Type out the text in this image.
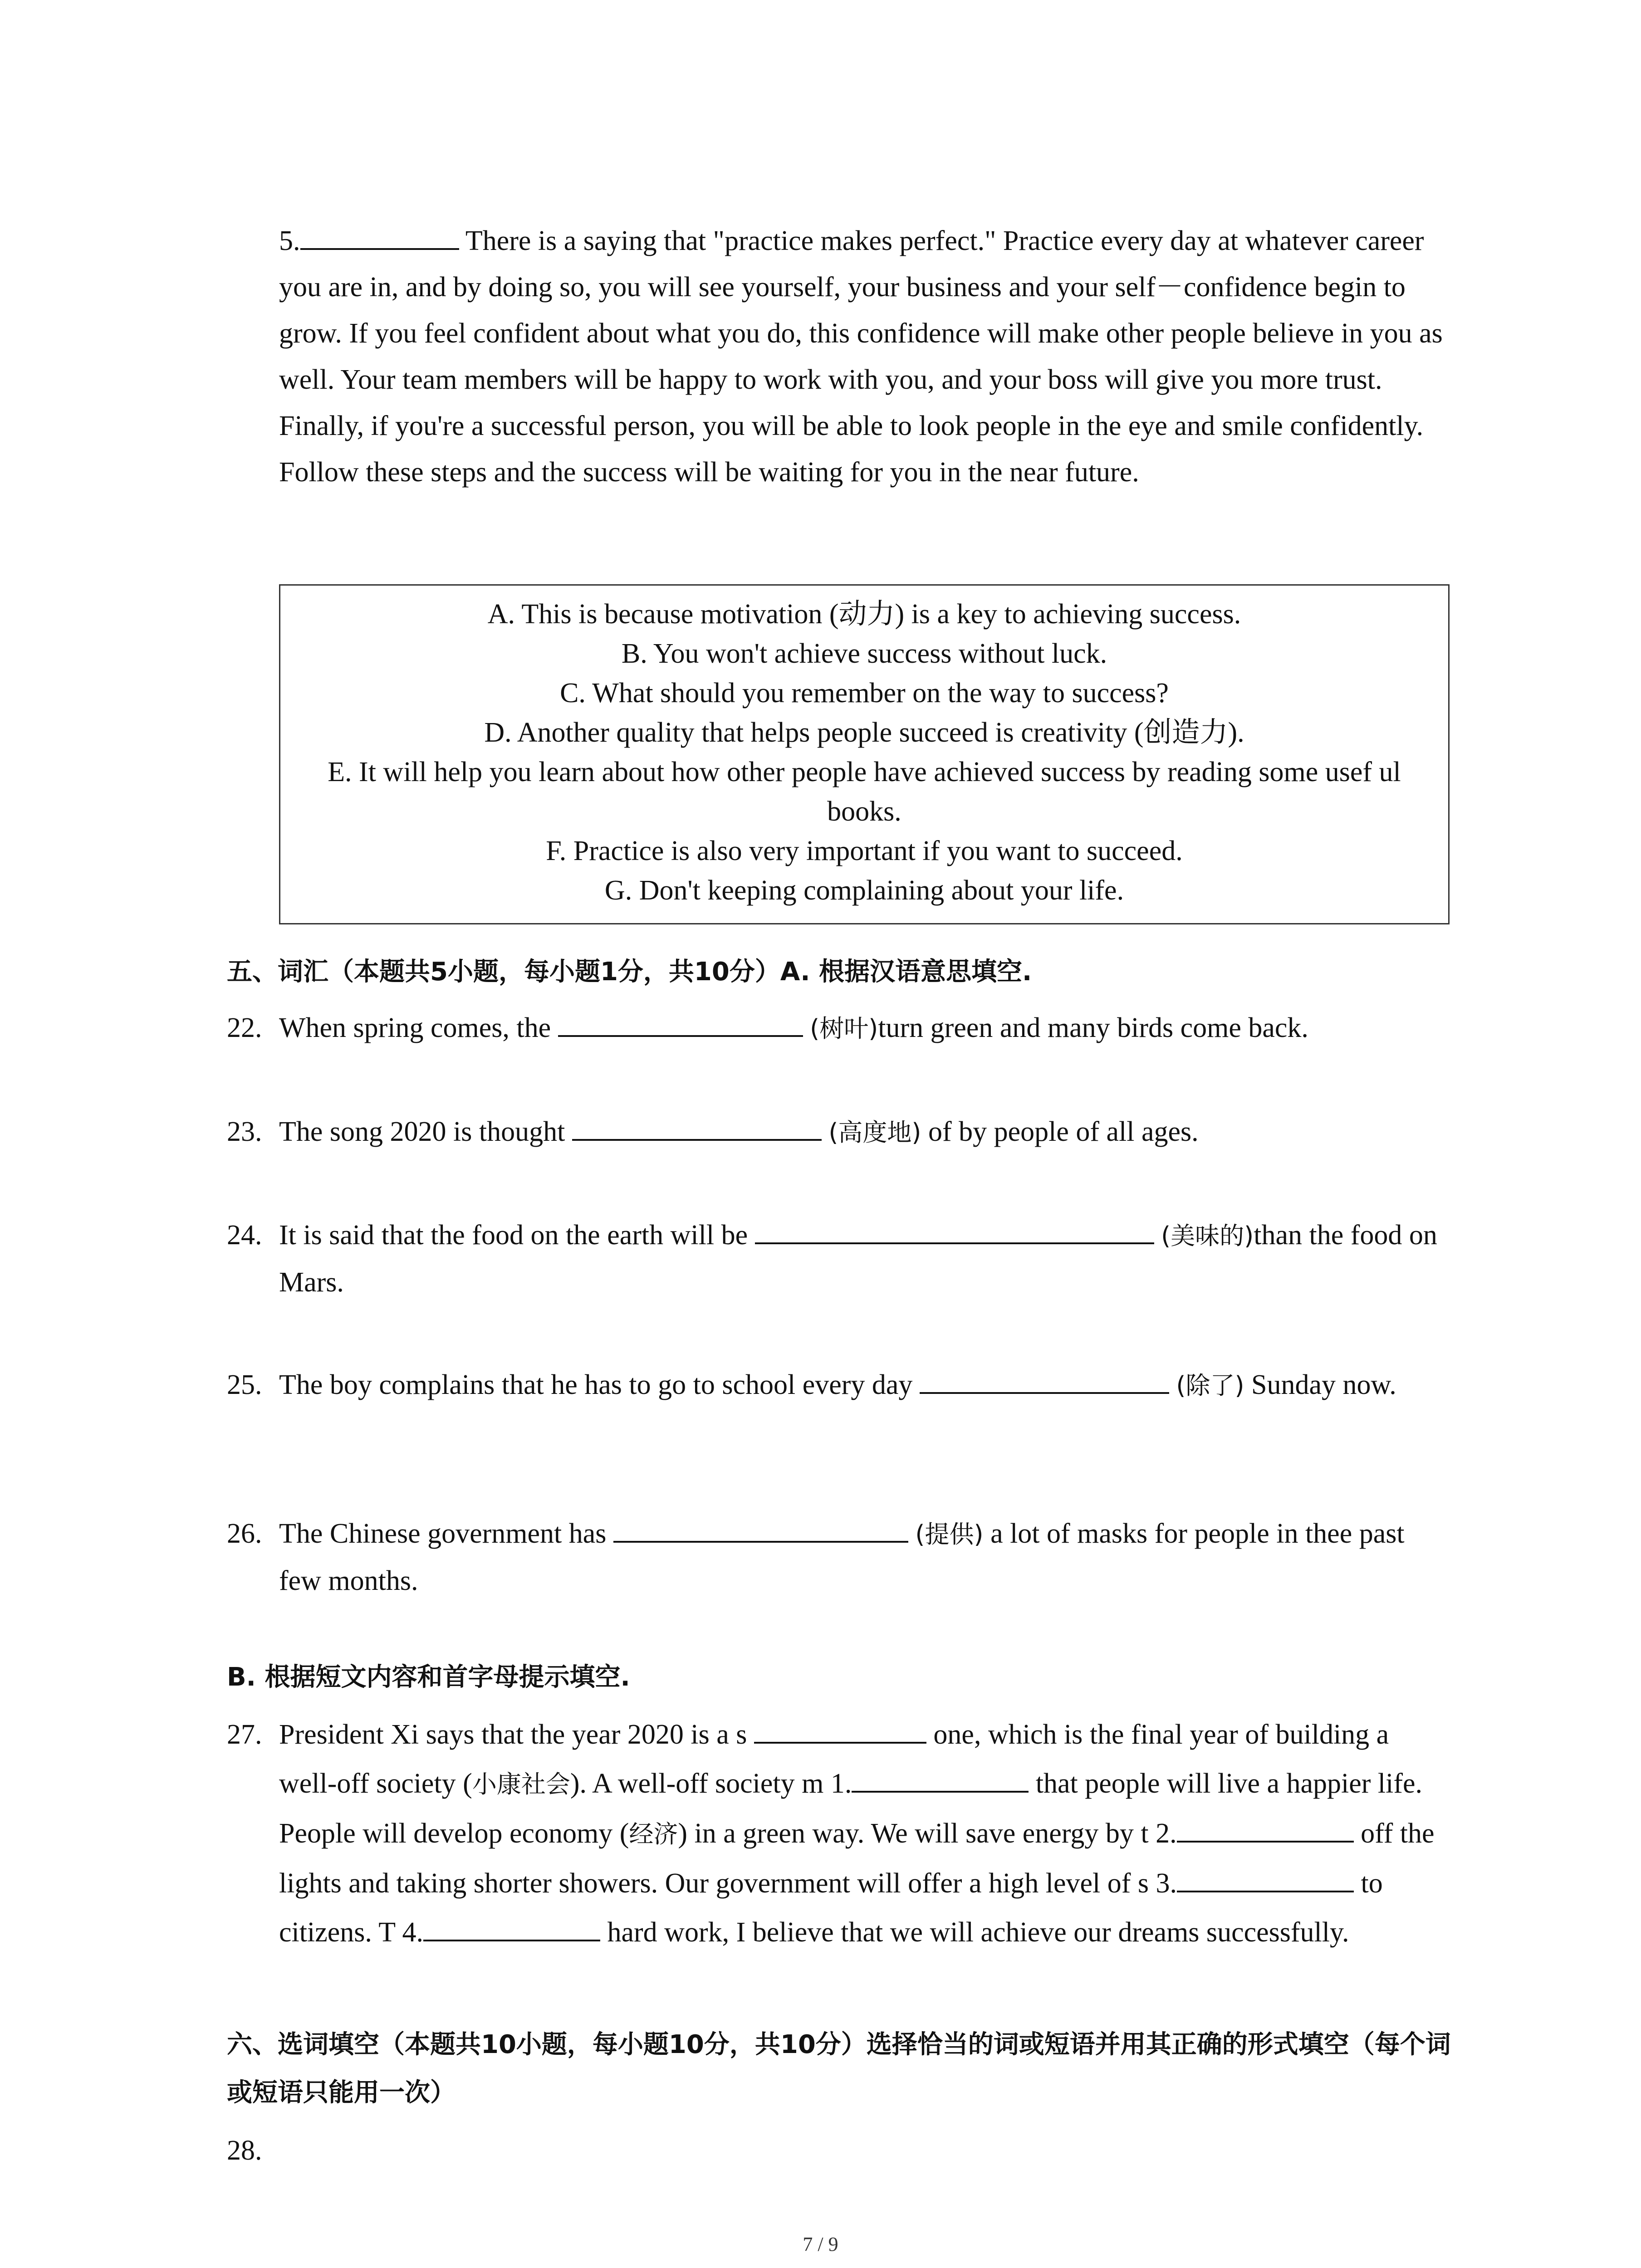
5.	There is a saying that "practice makes perfect." Practice every day at whatever career you are in, and by doing so, you will see yourself, your business and your self－confidence begin to grow. If you feel confident about what you do, this confidence will make other people believe in you as well. Your team members will be happy to work with you, and your boss will give you more trust.

Finally, if you're a successful person, you will be able to look people in the eye and smile confidently.

Follow these steps and the success will be waiting for you in the near future.

A. This is because motivation (动力) is a key to achieving success.
B. You won't achieve success without luck.
C. What should you remember on the way to success?
D. Another quality that helps people succeed is creativity (创造力).
E. It will help you learn about how other people have achieved success by reading some usef ul books.
F. Practice is also very important if you want to succeed.
G. Don't keeping complaining about your life.
五、词汇（本题共5小题，每小题1分，共10分）A. 根据汉语意思填空.
22. When spring comes, the	(树叶)turn green and many birds come back.
23. The song 2020 is thought	(高度地) of by people of all ages.
24. It is said that the food on the earth will be	(美味的)than the food on Mars.
25. The boy complains that he has to go to school every day	(除了) Sunday now.
26. The Chinese government has	(提供) a lot of masks for people in thee past few months.
B. 根据短文内容和首字母提示填空.
27. President Xi says that the year 2020 is a s	one, which is the final year of building a well-off society (小康社会). A well-off society m 1.	that people will live a happier life. People will develop economy (经济) in a green way. We will save energy by t 2.	off the lights and taking shorter showers. Our government will offer a high level of s 3.	to citizens. T 4.	hard work, I believe that we will achieve our dreams successfully.
六、选词填空（本题共10小题，每小题10分，共10分）选择恰当的词或短语并用其正确的形式填空（每个词或短语只能用一次）
28.
7 / 9
